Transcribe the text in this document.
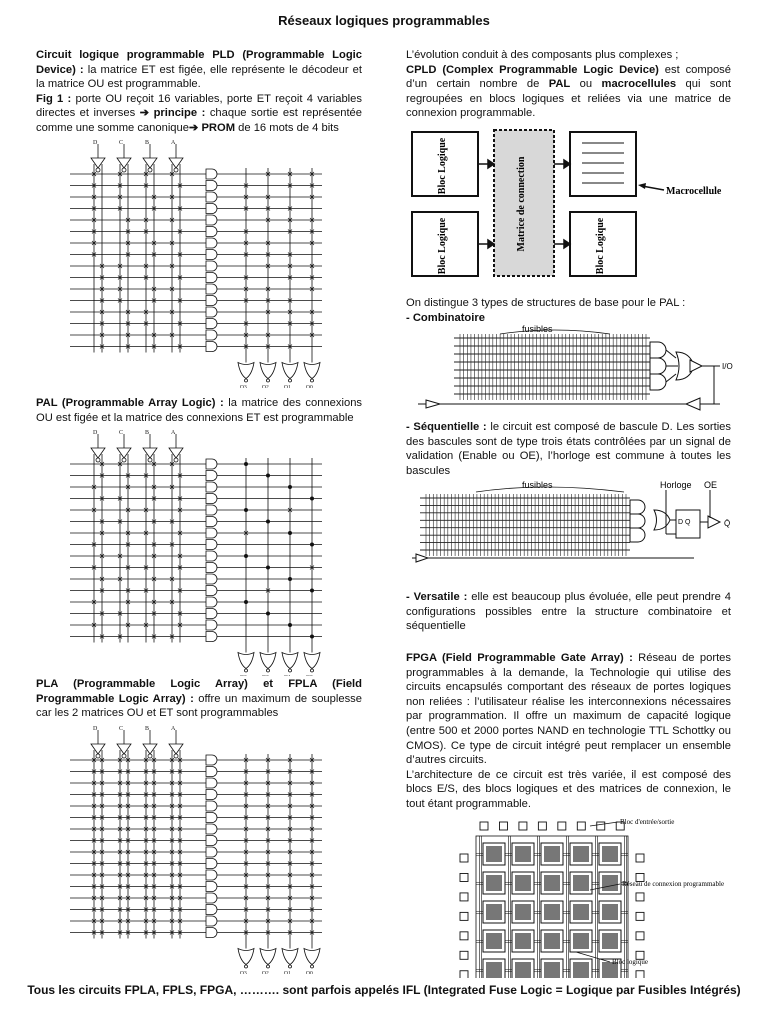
Réseaux logiques programmables
Circuit logique programmable PLD (Programmable Logic Device) : la matrice ET est figée, elle représente le décodeur et la matrice OU est programmable.
Fig 1 : porte OU reçoit 16 variables, porte ET reçoit 4 variables directes et inverses ➔ principe : chaque sortie est représentée comme une somme canonique➔ PROM de 16 mots de 4 bits
D	C	B	A
O3	O2	O1	O0
PAL (Programmable Array Logic) : la matrice des connexions OU est figée et la matrice des connexions ET est programmable
D	C	B	A
PLA (Programmable Logic Array) et FPLA (Field Programmable Logic Array) : offre un maximum de souplesse car les 2 matrices OU et ET sont programmables
D	C	B	A
O3	O2	O1	O0
L’évolution conduit à des composants plus complexes ;
CPLD (Complex Programmable Logic Device) est composé d’un certain nombre de PAL ou macrocellules qui sont regroupées en blocs logiques et reliées via une matrice de connexion programmable.
Bloc Logique
Bloc Logique	Bloc Logique
Matrice de connection	Macrocellule
On distingue 3 types de structures de base pour le PAL :
- Combinatoire
fusibles
I/O
- Séquentielle : le circuit est composé de bascule D. Les sorties des bascules sont de type trois états contrôlées par un signal de validation (Enable ou OE), l’horloge est commune à toutes les bascules
fusibles	Horloge OE
D Q	Q̄
- Versatile : elle est beaucoup plus évoluée, elle peut prendre 4 configurations possibles entre la structure combinatoire et séquentielle
FPGA (Field Programmable Gate Array) : Réseau de portes programmables à la demande, la Technologie qui utilise des circuits encapsulés comportant des réseaux de portes logiques non reliées : l’utilisateur réalise les interconnexions nécessaires par programmation. Il offre un maximum de capacité logique (entre 500 et 2000 portes NAND en technologie TTL Schottky ou CMOS). Ce type de circuit intégré peut remplacer un ensemble d’autres circuits.
L’architecture de ce circuit est très variée, il est composé des blocs E/S, des blocs logiques et des matrices de connexion, le tout étant programmable.
Bloc d'entrée/sortie
Réseau de connexion programmable
Bloc logique
Tous les circuits FPLA, FPLS, FPGA, ………. sont parfois appelés IFL (Integrated Fuse Logic = Logique par Fusibles Intégrés)
